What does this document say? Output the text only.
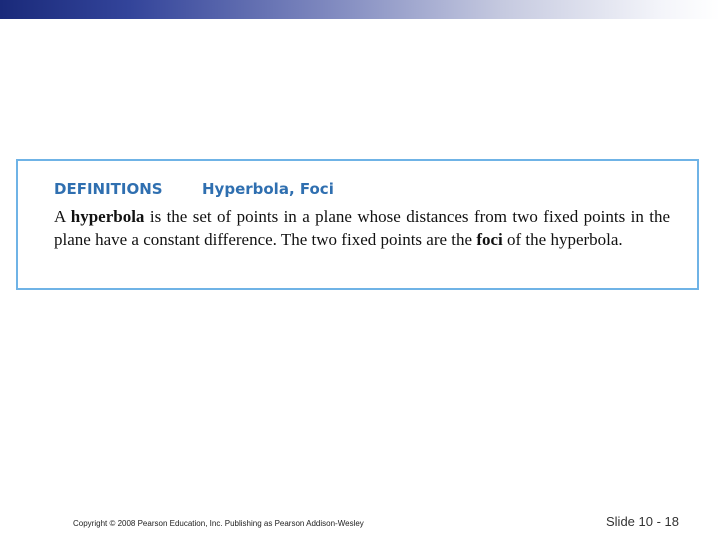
DEFINITIONS	Hyperbola, Foci
A hyperbola is the set of points in a plane whose distances from two fixed points in the plane have a constant difference. The two fixed points are the foci of the hyperbola.
Copyright © 2008 Pearson Education, Inc. Publishing as Pearson Addison-Wesley	Slide 10 - 18
